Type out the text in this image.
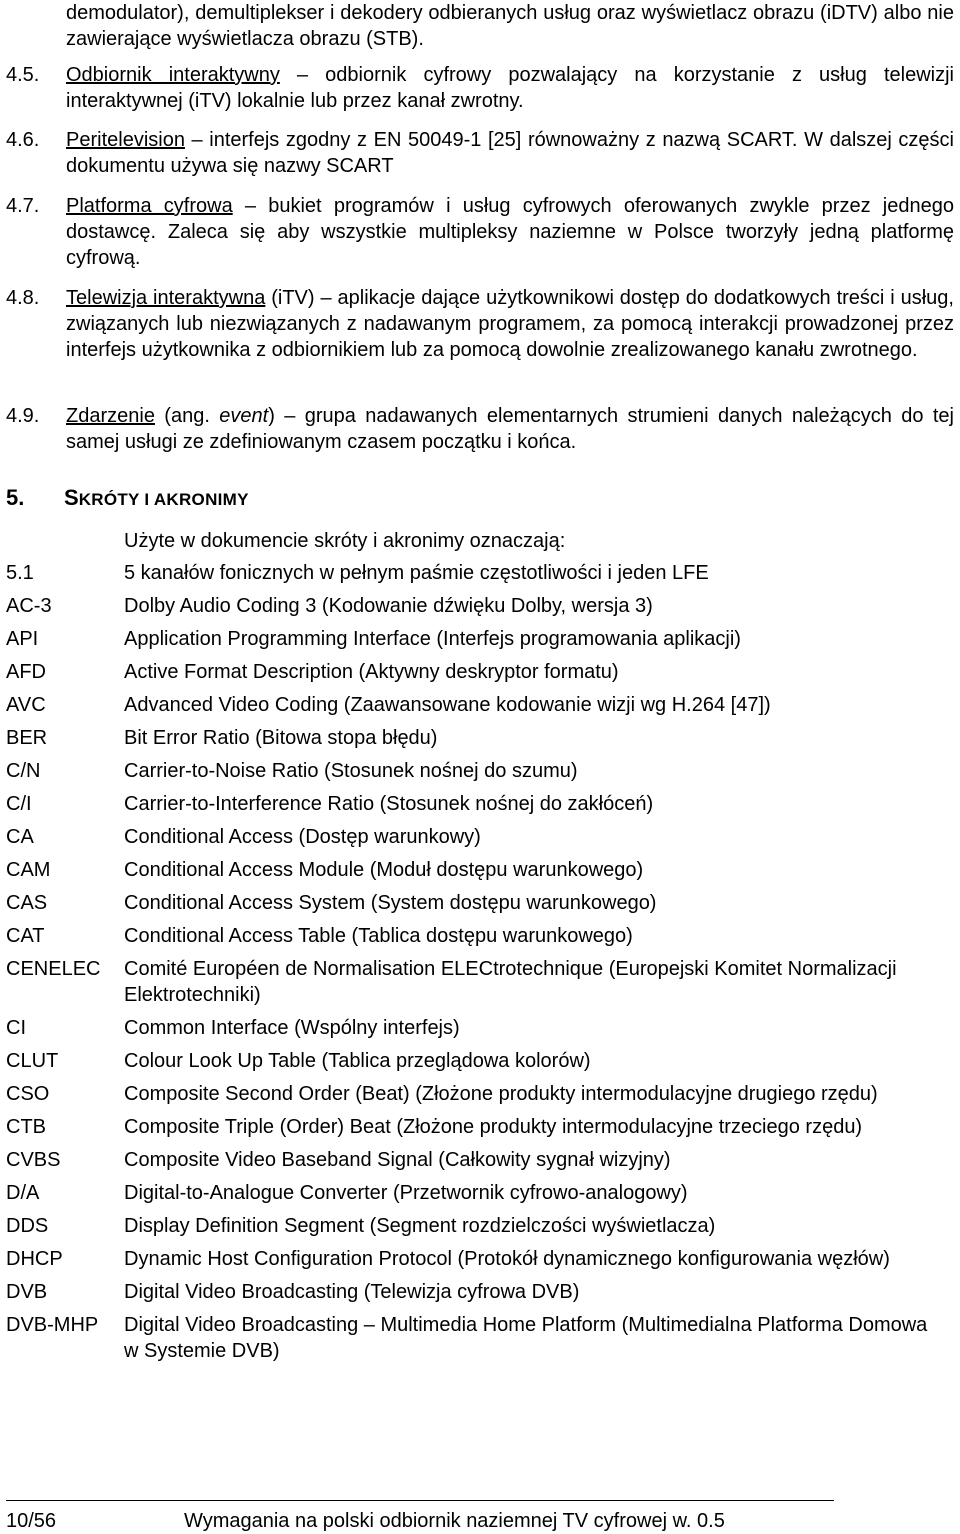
demodulator), demultiplekser i dekodery odbieranych usług oraz wyświetlacz obrazu (iDTV) albo nie zawierające wyświetlacza obrazu (STB).
4.5. Odbiornik interaktywny – odbiornik cyfrowy pozwalający na korzystanie z usług telewizji interaktywnej (iTV) lokalnie lub przez kanał zwrotny.
4.6. Peritelevision – interfejs zgodny z EN 50049-1 [25] równoważny z nazwą SCART. W dalszej części dokumentu używa się nazwy SCART
4.7. Platforma cyfrowa – bukiet programów i usług cyfrowych oferowanych zwykle przez jednego dostawcę. Zaleca się aby wszystkie multipleksy naziemne w Polsce tworzyły jedną platformę cyfrową.
4.8. Telewizja interaktywna (iTV) – aplikacje dające użytkownikowi dostęp do dodatkowych treści i usług, związanych lub niezwiązanych z nadawanym programem, za pomocą interakcji prowadzonej przez interfejs użytkownika z odbiornikiem lub za pomocą dowolnie zrealizowanego kanału zwrotnego.
4.9. Zdarzenie (ang. event) – grupa nadawanych elementarnych strumieni danych należących do tej samej usługi ze zdefiniowanym czasem początku i końca.
5. SKRÓTY I AKRONIMY
Użyte w dokumencie skróty i akronimy oznaczają:
5.1	5 kanałów fonicznych w pełnym paśmie częstotliwości i jeden LFE
AC-3	Dolby Audio Coding 3 (Kodowanie dźwięku Dolby, wersja 3)
API	Application Programming Interface (Interfejs programowania aplikacji)
AFD	Active Format Description (Aktywny deskryptor formatu)
AVC	Advanced Video Coding (Zaawansowane kodowanie wizji wg H.264 [47])
BER	Bit Error Ratio (Bitowa stopa błędu)
C/N	Carrier-to-Noise Ratio (Stosunek nośnej do szumu)
C/I	Carrier-to-Interference Ratio (Stosunek nośnej do zakłóceń)
CA	Conditional Access (Dostęp warunkowy)
CAM	Conditional Access Module (Moduł dostępu warunkowego)
CAS	Conditional Access System (System dostępu warunkowego)
CAT	Conditional Access Table (Tablica dostępu warunkowego)
CENELEC	Comité Européen de Normalisation ELECtrotechnique (Europejski Komitet Normalizacji Elektrotechniki)
CI	Common Interface (Wspólny interfejs)
CLUT	Colour Look Up Table (Tablica przeglądowa kolorów)
CSO	Composite Second Order (Beat) (Złożone produkty intermodulacyjne drugiego rzędu)
CTB	Composite Triple (Order) Beat (Złożone produkty intermodulacyjne trzeciego rzędu)
CVBS	Composite Video Baseband Signal (Całkowity sygnał wizyjny)
D/A	Digital-to-Analogue Converter (Przetwornik cyfrowo-analogowy)
DDS	Display Definition Segment (Segment rozdzielczości wyświetlacza)
DHCP	Dynamic Host Configuration Protocol (Protokół dynamicznego konfigurowania węzłów)
DVB	Digital Video Broadcasting (Telewizja cyfrowa DVB)
DVB-MHP	Digital Video Broadcasting – Multimedia Home Platform (Multimedialna Platforma Domowa w Systemie DVB)
10/56	Wymagania na polski odbiornik naziemnej TV cyfrowej w. 0.5
